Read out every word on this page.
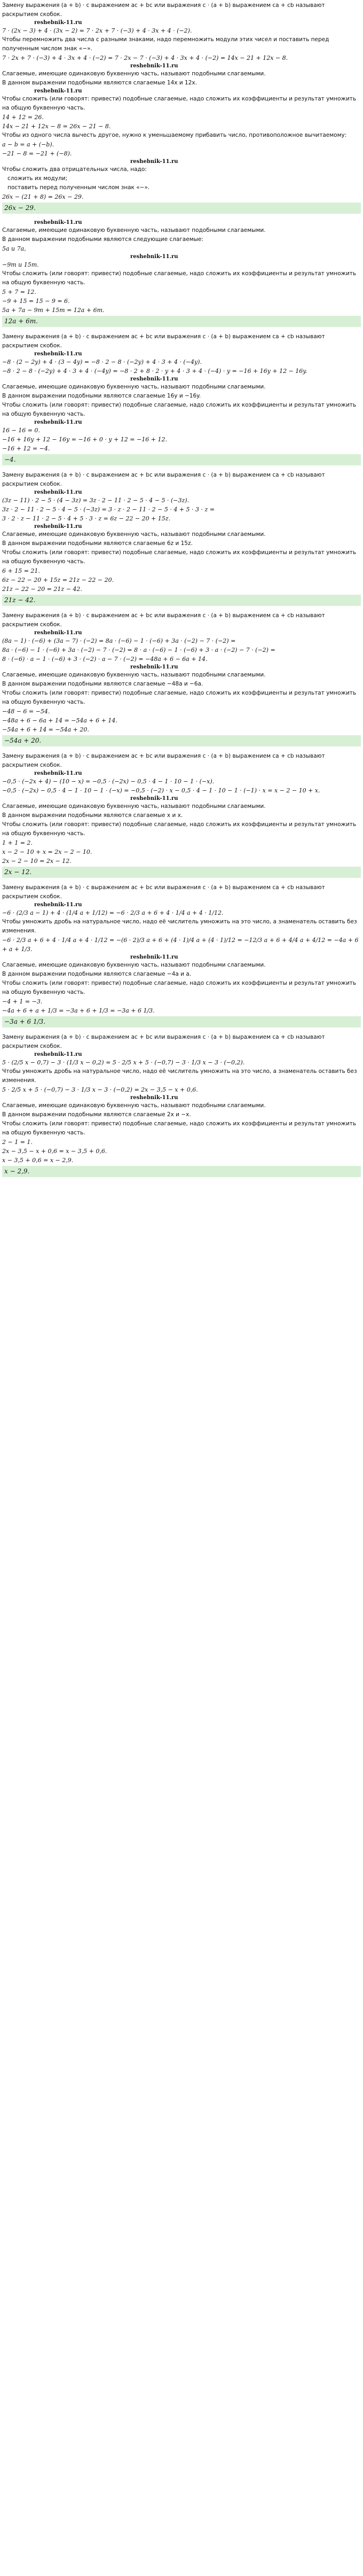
Замену выражения (a + b) · c выражением ac + bc или выражения c · (a + b) выражением ca + cb называют раскрытием скобок.
reshebnik-11.ru
7 · (2x − 3) + 4 · (3x − 2) = 7 · 2x + 7 · (−3) + 4 · 3x + 4 · (−2).
Чтобы перемножить два числа с разными знаками, надо перемножить модули этих чисел и поставить перед полученным числом знак «−».
7 · 2x + 7 · (−3) + 4 · 3x + 4 · (−2) = 7 · 2x − 7 · (−3) + 4 · 3x + 4 · (−2) = 14x − 21 + 12x − 8.
reshebnik-11.ru
Слагаемые, имеющие одинаковую буквенную часть, называют подобными слагаемыми.
В данном выражении подобными являются слагаемые 14x и 12x.
reshebnik-11.ru
Чтобы сложить (или говорят: привести) подобные слагаемые, надо сложить их коэффициенты и результат умножить на общую буквенную часть.
14 + 12 = 26.
14x − 21 + 12x − 8 = 26x − 21 − 8.
Чтобы из одного числа вычесть другое, нужно к уменьшаемому прибавить число, противоположное вычитаемому:
a − b = a + (−b).
−21 − 8 = −21 + (−8).
reshebnik-11.ru
Чтобы сложить два отрицательных числа, надо:
сложить их модули;
поставить перед полученным числом знак «−».
26x − (21 + 8) = 26x − 29.
26x − 29.
reshebnik-11.ru
Слагаемые, имеющие одинаковую буквенную часть, называют подобными слагаемыми.
В данном выражении подобными являются следующие слагаемые:
5a и 7a,
reshebnik-11.ru
−9m и 15m.
Чтобы сложить (или говорят: привести) подобные слагаемые, надо сложить их коэффициенты и результат умножить на общую буквенную часть.
5 + 7 = 12.
−9 + 15 = 15 − 9 = 6.
5a + 7a − 9m + 15m = 12a + 6m.
12a + 6m.
Замену выражения (a + b) · c выражением ac + bc или выражения c · (a + b) выражением ca + cb называют раскрытием скобок.
reshebnik-11.ru
−8 · (2 − 2y) + 4 · (3 − 4y) = −8 · 2 − 8 · (−2y) + 4 · 3 + 4 · (−4y).
−8 · 2 − 8 · (−2y) + 4 · 3 + 4 · (−4y) = −8 · 2 + 8 · 2 · y + 4 · 3 + 4 · (−4) · y = −16 + 16y + 12 − 16y.
reshebnik-11.ru
Слагаемые, имеющие одинаковую буквенную часть, называют подобными слагаемыми.
В данном выражении подобными являются слагаемые 16y и −16y.
Чтобы сложить (или говорят: привести) подобные слагаемые, надо сложить их коэффициенты и результат умножить на общую буквенную часть.
reshebnik-11.ru
16 − 16 = 0.
−16 + 16y + 12 − 16y = −16 + 0 · y + 12 = −16 + 12.
−16 + 12 = −4.
−4.
Замену выражения (a + b) · c выражением ac + bc или выражения c · (a + b) выражением ca + cb называют раскрытием скобок.
reshebnik-11.ru
(3z − 11) · 2 − 5 · (4 − 3z) = 3z · 2 − 11 · 2 − 5 · 4 − 5 · (−3z).
3z · 2 − 11 · 2 − 5 · 4 − 5 · (−3z) = 3 · z · 2 − 11 · 2 − 5 · 4 + 5 · 3 · z =
3 · 2 · z − 11 · 2 − 5 · 4 + 5 · 3 · z = 6z − 22 − 20 + 15z.
reshebnik-11.ru
Слагаемые, имеющие одинаковую буквенную часть, называют подобными слагаемыми.
В данном выражении подобными являются слагаемые 6z и 15z.
Чтобы сложить (или говорят: привести) подобные слагаемые, надо сложить их коэффициенты и результат умножить на общую буквенную часть.
6 + 15 = 21.
6z − 22 − 20 + 15z = 21z − 22 − 20.
21z − 22 − 20 = 21z − 42.
21z − 42.
Замену выражения (a + b) · c выражением ac + bc или выражения c · (a + b) выражением ca + cb называют раскрытием скобок.
reshebnik-11.ru
(8a − 1) · (−6) + (3a − 7) · (−2) = 8a · (−6) − 1 · (−6) + 3a · (−2) − 7 · (−2) =
8a · (−6) − 1 · (−6) + 3a · (−2) − 7 · (−2) = 8 · a · (−6) − 1 · (−6) + 3 · a · (−2) − 7 · (−2) =
8 · (−6) · a − 1 · (−6) + 3 · (−2) · a − 7 · (−2) = −48a + 6 − 6a + 14.
reshebnik-11.ru
Слагаемые, имеющие одинаковую буквенную часть, называют подобными слагаемыми.
В данном выражении подобными являются слагаемые −48a и −6a.
Чтобы сложить (или говорят: привести) подобные слагаемые, надо сложить их коэффициенты и результат умножить на общую буквенную часть.
−48 − 6 = −54.
−48a + 6 − 6a + 14 = −54a + 6 + 14.
−54a + 6 + 14 = −54a + 20.
−54a + 20.
Замену выражения (a + b) · c выражением ac + bc или выражения c · (a + b) выражением ca + cb называют раскрытием скобок.
reshebnik-11.ru
−0,5 · (−2x + 4) − (10 − x) = −0,5 · (−2x) − 0,5 · 4 − 1 · 10 − 1 · (−x).
−0,5 · (−2x) − 0,5 · 4 − 1 · 10 − 1 · (−x) = −0,5 · (−2) · x − 0,5 · 4 − 1 · 10 − 1 · (−1) · x = x − 2 − 10 + x.
reshebnik-11.ru
Слагаемые, имеющие одинаковую буквенную часть, называют подобными слагаемыми.
В данном выражении подобными являются слагаемые x и x.
Чтобы сложить (или говорят: привести) подобные слагаемые, надо сложить их коэффициенты и результат умножить на общую буквенную часть.
1 + 1 = 2.
x − 2 − 10 + x = 2x − 2 − 10.
2x − 2 − 10 = 2x − 12.
2x − 12.
Замену выражения (a + b) · c выражением ac + bc или выражения c · (a + b) выражением ca + cb называют раскрытием скобок.
reshebnik-11.ru
−6 · (2/3 a − 1) + 4 · (1/4 a + 1/12) = −6 · 2/3 a + 6 + 4 · 1/4 a + 4 · 1/12.
Чтобы умножить дробь на натуральное число, надо её числитель умножить на это число, а знаменатель оставить без изменения.
−6 · 2/3 a + 6 + 4 · 1/4 a + 4 · 1/12 = −(6 · 2)/3 a + 6 + (4 · 1)/4 a + (4 · 1)/12 = −12/3 a + 6 + 4/4 a + 4/12 = −4a + 6 + a + 1/3.
reshebnik-11.ru
Слагаемые, имеющие одинаковую буквенную часть, называют подобными слагаемыми.
В данном выражении подобными являются слагаемые −4a и a.
Чтобы сложить (или говорят: привести) подобные слагаемые, надо сложить их коэффициенты и результат умножить на общую буквенную часть.
−4 + 1 = −3.
−4a + 6 + a + 1/3 = −3a + 6 + 1/3 = −3a + 6 1/3.
−3a + 6 1/3.
Замену выражения (a + b) · c выражением ac + bc или выражения c · (a + b) выражением ca + cb называют раскрытием скобок.
reshebnik-11.ru
5 · (2/5 x − 0,7) − 3 · (1/3 x − 0,2) = 5 · 2/5 x + 5 · (−0,7) − 3 · 1/3 x − 3 · (−0,2).
Чтобы умножить дробь на натуральное число, надо её числитель умножить на это число, а знаменатель оставить без изменения.
5 · 2/5 x + 5 · (−0,7) − 3 · 1/3 x − 3 · (−0,2) = 2x − 3,5 − x + 0,6.
reshebnik-11.ru
Слагаемые, имеющие одинаковую буквенную часть, называют подобными слагаемыми.
В данном выражении подобными являются слагаемые 2x и −x.
Чтобы сложить (или говорят: привести) подобные слагаемые, надо сложить их коэффициенты и результат умножить на общую буквенную часть.
2 − 1 = 1.
2x − 3,5 − x + 0,6 = x − 3,5 + 0,6.
x − 3,5 + 0,6 = x − 2,9.
x − 2,9.
